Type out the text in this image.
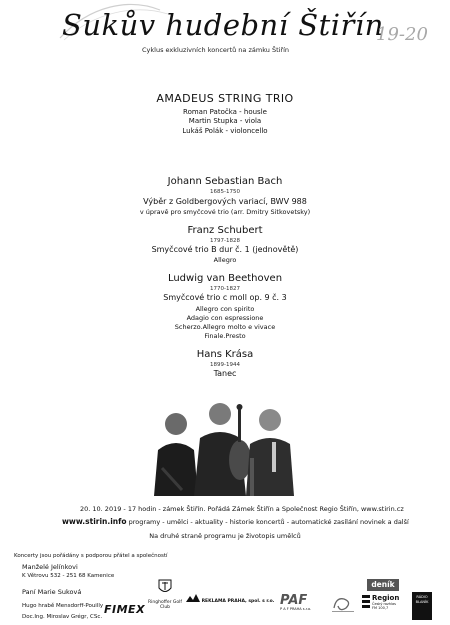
Sukův hudební Štiřín
19-20
Cyklus exkluzivních koncertů na zámku Štiřín
AMADEUS STRING TRIO
Roman Patočka - housle
Martin Stupka - viola
Lukáš Polák - violoncello
Johann Sebastian Bach
1685-1750
Výběr z Goldbergových variací, BWV 988
v úpravě pro smyčcové trio (arr. Dmitry Sitkovetsky)
Franz Schubert
1797-1828
Smyčcové trio B dur č. 1 (jednovětě)
Allegro
Ludwig van Beethoven
1770-1827
Smyčcové trio c moll op. 9 č. 3
Allegro con spirito
Adagio con espressione
Scherzo.Allegro molto e vivace
Finale.Presto
Hans Krása
1899-1944
Tanec
20. 10. 2019 - 17 hodin - zámek Štiřín. Pořádá Zámek Štiřín a Společnost Regio Štiřín, www.stirin.cz
www.stirin.info programy - umělci - aktuality - historie koncertů - automatické zasílání novinek a další
Na druhé straně programu je životopis umělců
Koncerty jsou pořádány s podporou přátel a společností
Manželé Jelínkovi
K Větrovu 532 - 251 68 Kamenice
Paní Marie Suková
Hugo hrabě Mensdorff-Pouilly
Doc.Ing. Miroslav Grégr, CSc.
FIMEX
Ringhoffer Golf Club
REKLAMA PRAHA, spol. s r.o. PAF
P A F PRAHA s.r.o.
deník
Region
Český rozhlas
FM 100,7
RÁDIO BLANÍK
